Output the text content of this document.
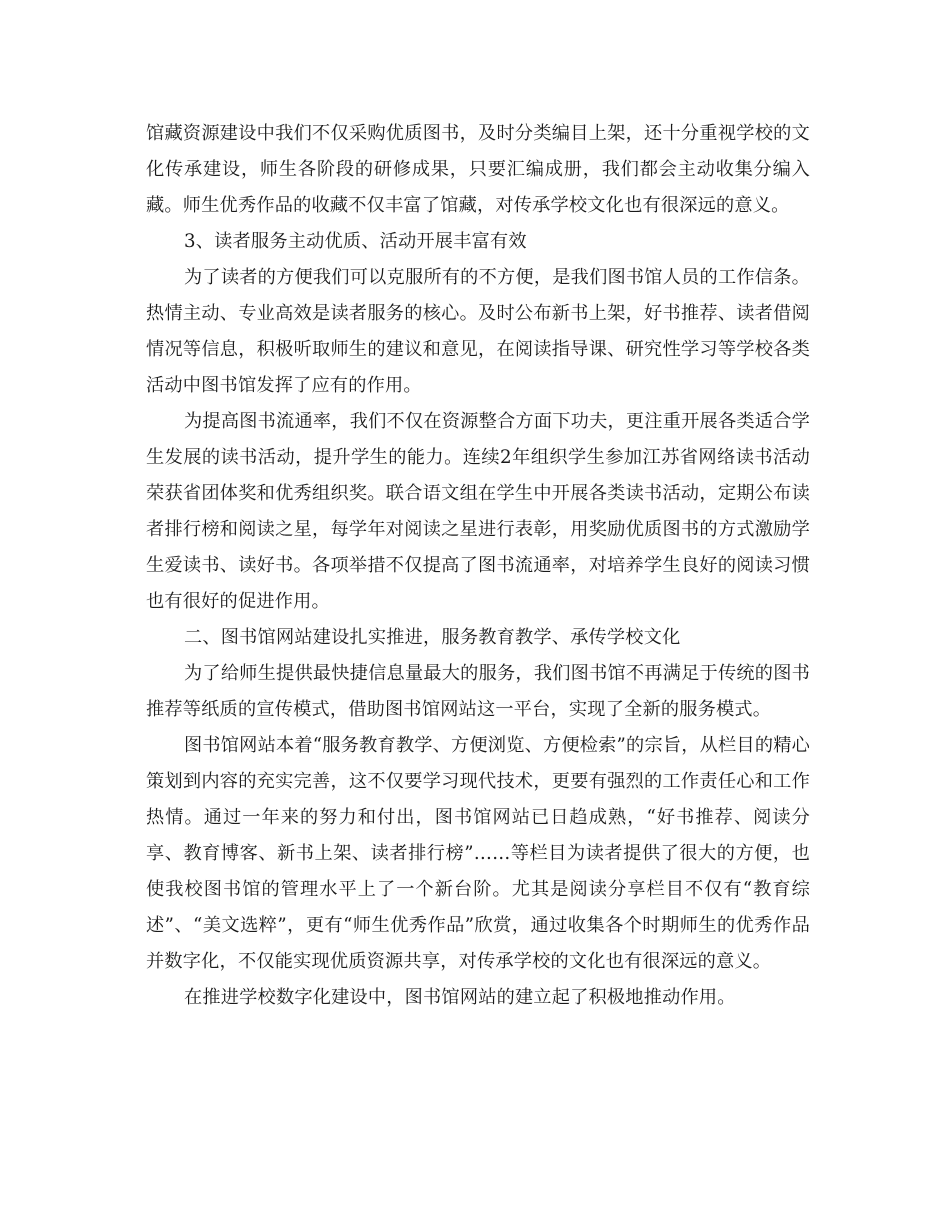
馆藏资源建设中我们不仅采购优质图书，及时分类编目上架，还十分重视学校的文化传承建设，师生各阶段的研修成果，只要汇编成册，我们都会主动收集分编入藏。师生优秀作品的收藏不仅丰富了馆藏，对传承学校文化也有很深远的意义。

3、读者服务主动优质、活动开展丰富有效

为了读者的方便我们可以克服所有的不方便，是我们图书馆人员的工作信条。热情主动、专业高效是读者服务的核心。及时公布新书上架，好书推荐、读者借阅情况等信息，积极听取师生的建议和意见，在阅读指导课、研究性学习等学校各类活动中图书馆发挥了应有的作用。

为提高图书流通率，我们不仅在资源整合方面下功夫，更注重开展各类适合学生发展的读书活动，提升学生的能力。连续2年组织学生参加江苏省网络读书活动荣获省团体奖和优秀组织奖。联合语文组在学生中开展各类读书活动，定期公布读者排行榜和阅读之星，每学年对阅读之星进行表彰，用奖励优质图书的方式激励学生爱读书、读好书。各项举措不仅提高了图书流通率，对培养学生良好的阅读习惯也有很好的促进作用。

二、图书馆网站建设扎实推进，服务教育教学、承传学校文化

为了给师生提供最快捷信息量最大的服务，我们图书馆不再满足于传统的图书推荐等纸质的宣传模式，借助图书馆网站这一平台，实现了全新的服务模式。

图书馆网站本着“服务教育教学、方便浏览、方便检索”的宗旨，从栏目的精心策划到内容的充实完善，这不仅要学习现代技术，更要有强烈的工作责任心和工作热情。通过一年来的努力和付出，图书馆网站已日趋成熟，“好书推荐、阅读分享、教育博客、新书上架、读者排行榜”……等栏目为读者提供了很大的方便，也使我校图书馆的管理水平上了一个新台阶。尤其是阅读分享栏目不仅有“教育综述”、“美文选粹”，更有“师生优秀作品”欣赏，通过收集各个时期师生的优秀作品并数字化，不仅能实现优质资源共享，对传承学校的文化也有很深远的意义。

在推进学校数字化建设中，图书馆网站的建立起了积极地推动作用。
